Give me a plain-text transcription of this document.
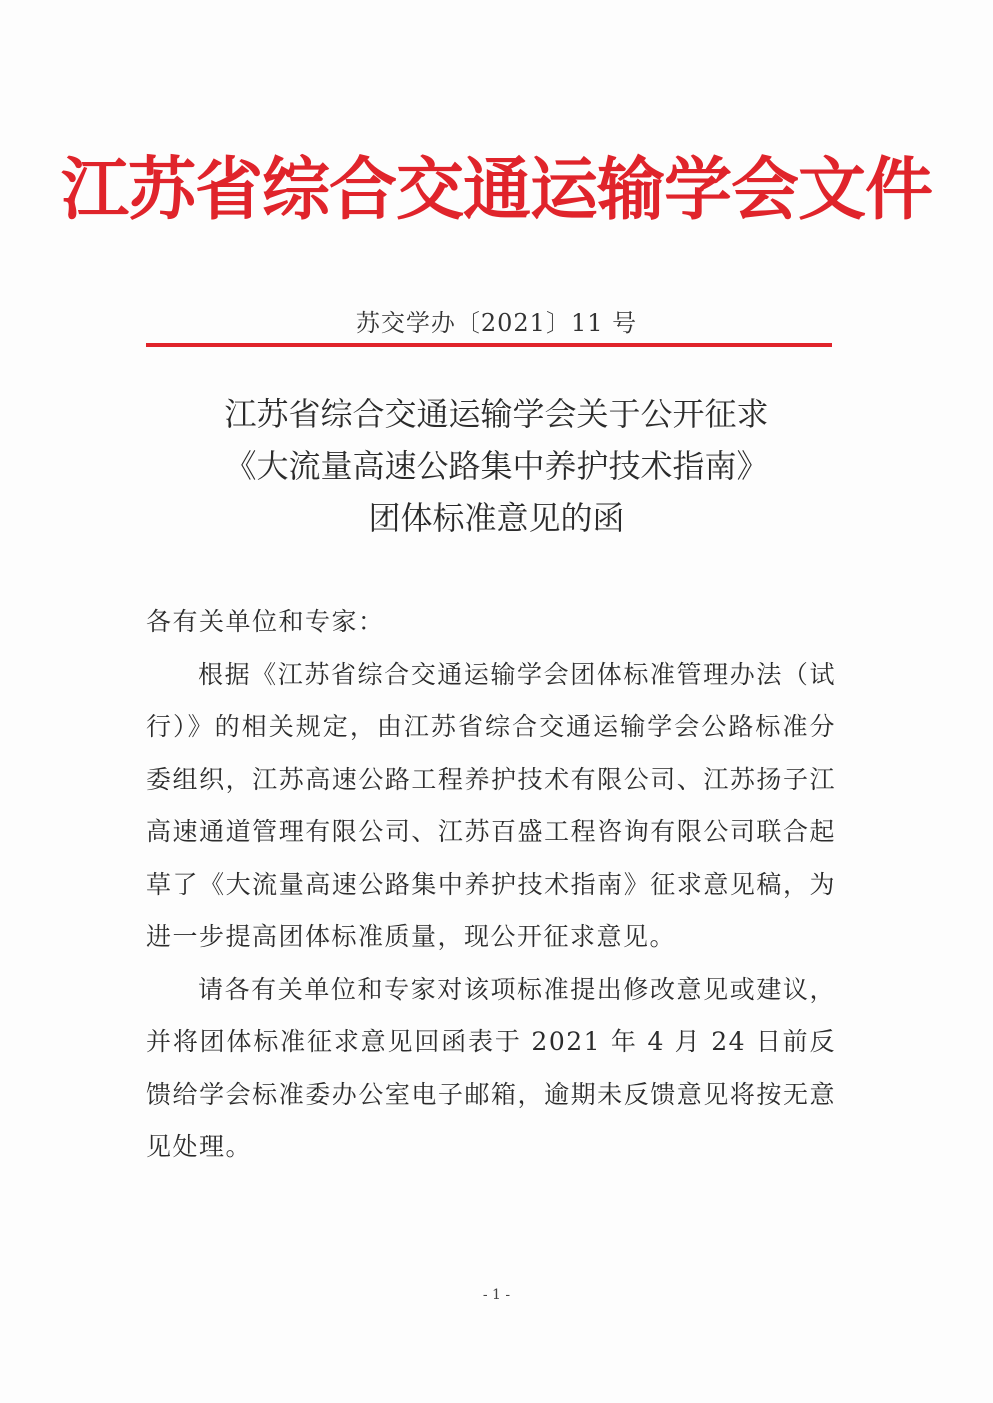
江苏省综合交通运输学会文件
苏交学办〔2021〕11 号
江苏省综合交通运输学会关于公开征求
《大流量高速公路集中养护技术指南》
团体标准意见的函

各有关单位和专家：

根据《江苏省综合交通运输学会团体标准管理办法（试行）》的相关规定，由江苏省综合交通运输学会公路标准分委组织，江苏高速公路工程养护技术有限公司、江苏扬子江高速通道管理有限公司、江苏百盛工程咨询有限公司联合起草了《大流量高速公路集中养护技术指南》征求意见稿，为进一步提高团体标准质量，现公开征求意见。

请各有关单位和专家对该项标准提出修改意见或建议，并将团体标准征求意见回函表于 2021 年 4 月 24 日前反馈给学会标准委办公室电子邮箱，逾期未反馈意见将按无意见处理。

- 1 -
